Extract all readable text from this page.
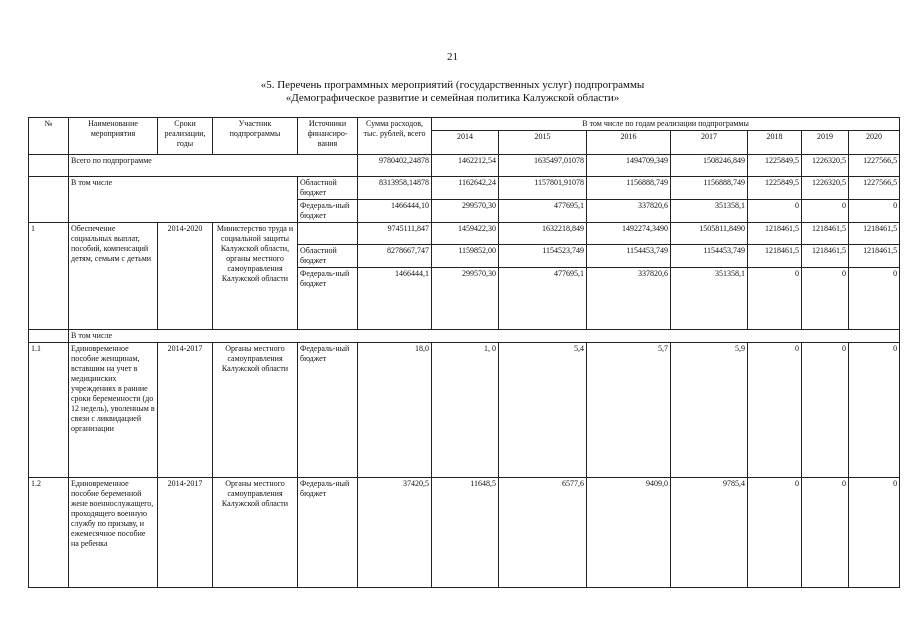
21
«5. Перечень программных мероприятий (государственных услуг) подпрограммы
«Демографическое развитие и семейная политика Калужской области»
№	Наименование мероприятия	Сроки реализации, годы	Участник подпрограммы	Источники финансиро-вания	Сумма расходов, тыс. рублей, всего	В том числе по годам реализации подпрограммы						
						2014	2015	2016	2017	2018	2019	2020
	Всего по подпрограмме				9780402,24878	1462212,54	1635497,01078	1494709,349	1508246,849	1225849,5	1226320,5	1227566,5
	В том числе			Областной бюджет	8313958,14878	1162642,24	1157801,91078	1156888,749	1156888,749	1225849,5	1226320,5	1227566,5
				Федераль-ный бюджет	1466444,10	299570,30	477695,1	337820,6	351358,1	0	0	0
1	Обеспечение социальных выплат, пособий, компенсаций детям, семьям с детьми	2014-2020	Министерство труда и социальной защиты Калужской области, органы местного самоуправления Калужской области		9745111,847	1459422,30	1632218,849	1492274,3490	1505811,8490	1218461,5	1218461,5	1218461,5
				Областной бюджет	8278667,747	1159852,00	1154523,749	1154453,749	1154453,749	1218461,5	1218461,5	1218461,5
				Федераль-ный бюджет	1466444,1	299570,30	477695,1	337820,6	351358,1	0	0	0
	В том числе											
1.1	Единовременное пособие женщинам, вставшим на учет в медицинских учреждениях в ранние сроки беременности (до 12 недель), уволенным в связи с ликвидацией организации	2014-2017	Органы местного самоуправления Калужской области	Федераль-ный бюджет	18,0	1, 0	5,4	5,7	5,9	0	0	0
1.2	Единовременное пособие беременной жене военнослужащего, проходящего военную службу по призыву, и ежемесячное пособие на ребенка	2014-2017	Органы местного самоуправления Калужской области	Федераль-ный бюджет	37420,5	11648,5	6577,6	9409,0	9785,4	0	0	0
